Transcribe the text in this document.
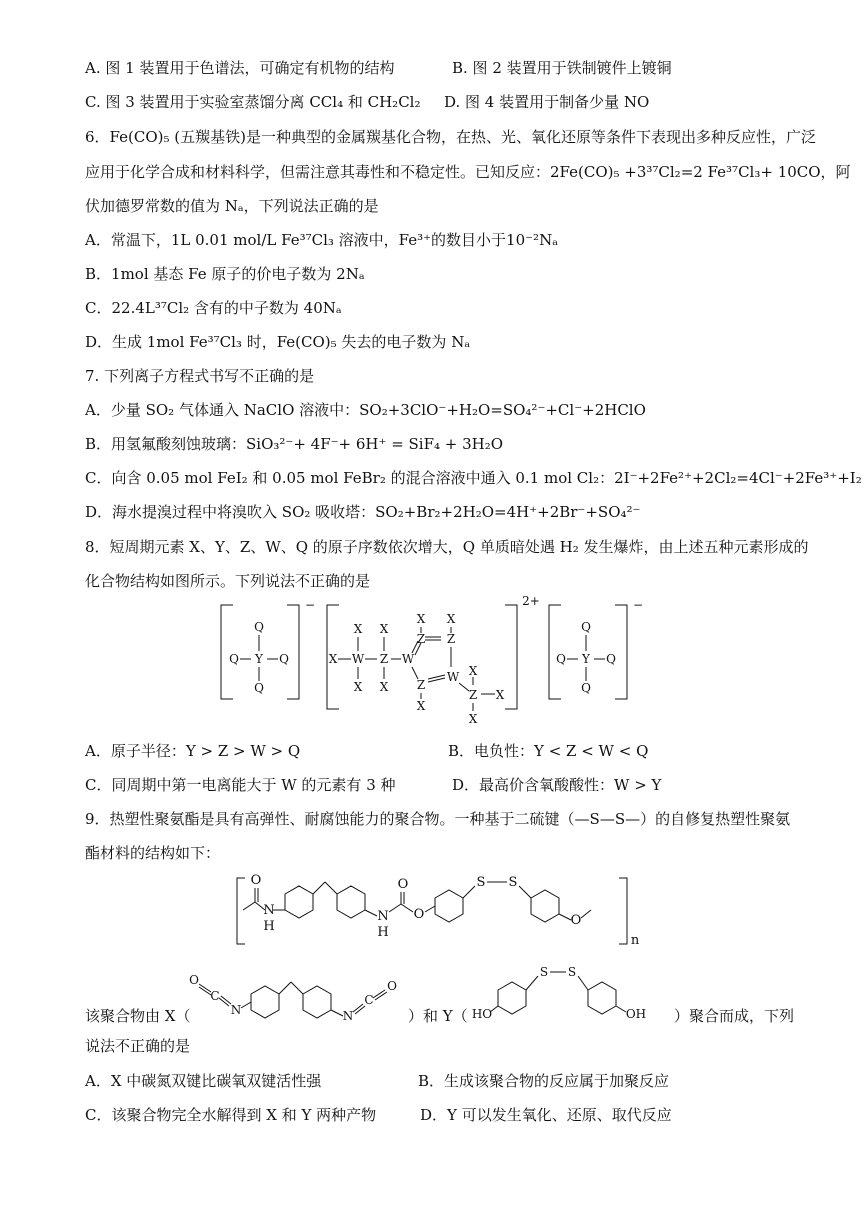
A. 图 1 装置用于色谱法，可确定有机物的结构	B. 图 2 装置用于铁制镀件上镀铜
C. 图 3 装置用于实验室蒸馏分离 CCl₄ 和 CH₂Cl₂ D. 图 4 装置用于制备少量 NO
6．Fe(CO)₅ (五羰基铁)是一种典型的金属羰基化合物，在热、光、氧化还原等条件下表现出多种反应性，广泛
应用于化学合成和材料科学，但需注意其毒性和不稳定性。已知反应：2Fe(CO)₅ +3³⁷Cl₂=2 Fe³⁷Cl₃+ 10CO，阿
伏加德罗常数的值为 Nₐ，下列说法正确的是
A．常温下，1L 0.01 mol/L Fe³⁷Cl₃ 溶液中，Fe³⁺的数目小于10⁻²Nₐ
B．1mol 基态 Fe 原子的价电子数为 2Nₐ
C．22.4L³⁷Cl₂ 含有的中子数为 40Nₐ
D．生成 1mol Fe³⁷Cl₃ 时，Fe(CO)₅ 失去的电子数为 Nₐ
7. 下列离子方程式书写不正确的是
A．少量 SO₂ 气体通入 NaClO 溶液中：SO₂+3ClO⁻+H₂O=SO₄²⁻+Cl⁻+2HClO
B．用氢氟酸刻蚀玻璃：SiO₃²⁻+ 4F⁻+ 6H⁺ = SiF₄ + 3H₂O
C．向含 0.05 mol FeI₂ 和 0.05 mol FeBr₂ 的混合溶液中通入 0.1 mol Cl₂：2I⁻+2Fe²⁺+2Cl₂=4Cl⁻+2Fe³⁺+I₂
D．海水提溴过程中将溴吹入 SO₂ 吸收塔：SO₂+Br₂+2H₂O=4H⁺+2Br⁻+SO₄²⁻
8．短周期元素 X、Y、Z、W、Q 的原子序数依次增大，Q 单质暗处遇 H₂ 发生爆炸，由上述五种元素形成的
化合物结构如图所示。下列说法不正确的是
−	2+	−
Q
Q Y Q
Q
Q
Q Y Q
Q
X W Z W
X X
X X
X X
Z Z
Z
W
X
X
Z X
X
A．原子半径：Y > Z > W > Q	B．电负性：Y < Z < W < Q
C．同周期中第一电离能大于 W 的元素有 3 种	D．最高价含氧酸酸性：W > Y
9．热塑性聚氨酯是具有高弹性、耐腐蚀能力的聚合物。一种基于二硫键（—S—S—）的自修复热塑性聚氨
酯材料的结构如下：
O
N
H
N
H
O
O
S S
O
n
该聚合物由 X（
O
C
N	N
C
O
）和 Y（ HO
S S
OH ）聚合而成，下列
说法不正确的是
A．X 中碳氮双键比碳氧双键活性强	B．生成该聚合物的反应属于加聚反应
C．该聚合物完全水解得到 X 和 Y 两种产物	D．Y 可以发生氧化、还原、取代反应
